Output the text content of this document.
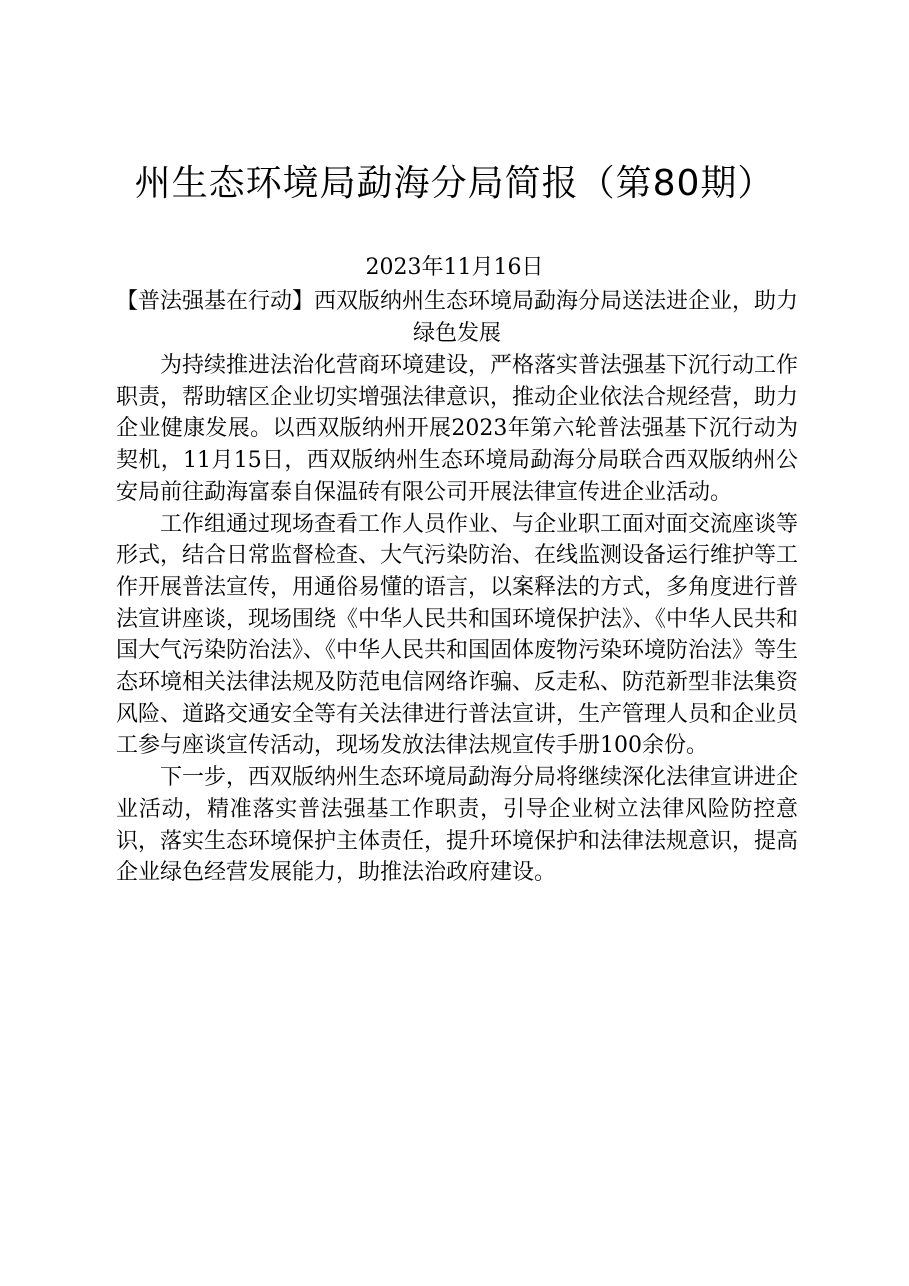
州生态环境局勐海分局简报（第80期）
2023年11月16日
【普法强基在行动】西双版纳州生态环境局勐海分局送法进企业，助力绿色发展

为持续推进法治化营商环境建设，严格落实普法强基下沉行动工作职责，帮助辖区企业切实增强法律意识，推动企业依法合规经营，助力企业健康发展。以西双版纳州开展2023年第六轮普法强基下沉行动为契机，11月15日，西双版纳州生态环境局勐海分局联合西双版纳州公安局前往勐海富泰自保温砖有限公司开展法律宣传进企业活动。

工作组通过现场查看工作人员作业、与企业职工面对面交流座谈等形式，结合日常监督检查、大气污染防治、在线监测设备运行维护等工作开展普法宣传，用通俗易懂的语言，以案释法的方式，多角度进行普法宣讲座谈，现场围绕《中华人民共和国环境保护法》、《中华人民共和国大气污染防治法》、《中华人民共和国固体废物污染环境防治法》等生态环境相关法律法规及防范电信网络诈骗、反走私、防范新型非法集资风险、道路交通安全等有关法律进行普法宣讲，生产管理人员和企业员工参与座谈宣传活动，现场发放法律法规宣传手册100余份。

下一步，西双版纳州生态环境局勐海分局将继续深化法律宣讲进企业活动，精准落实普法强基工作职责，引导企业树立法律风险防控意识，落实生态环境保护主体责任，提升环境保护和法律法规意识，提高企业绿色经营发展能力，助推法治政府建设。
